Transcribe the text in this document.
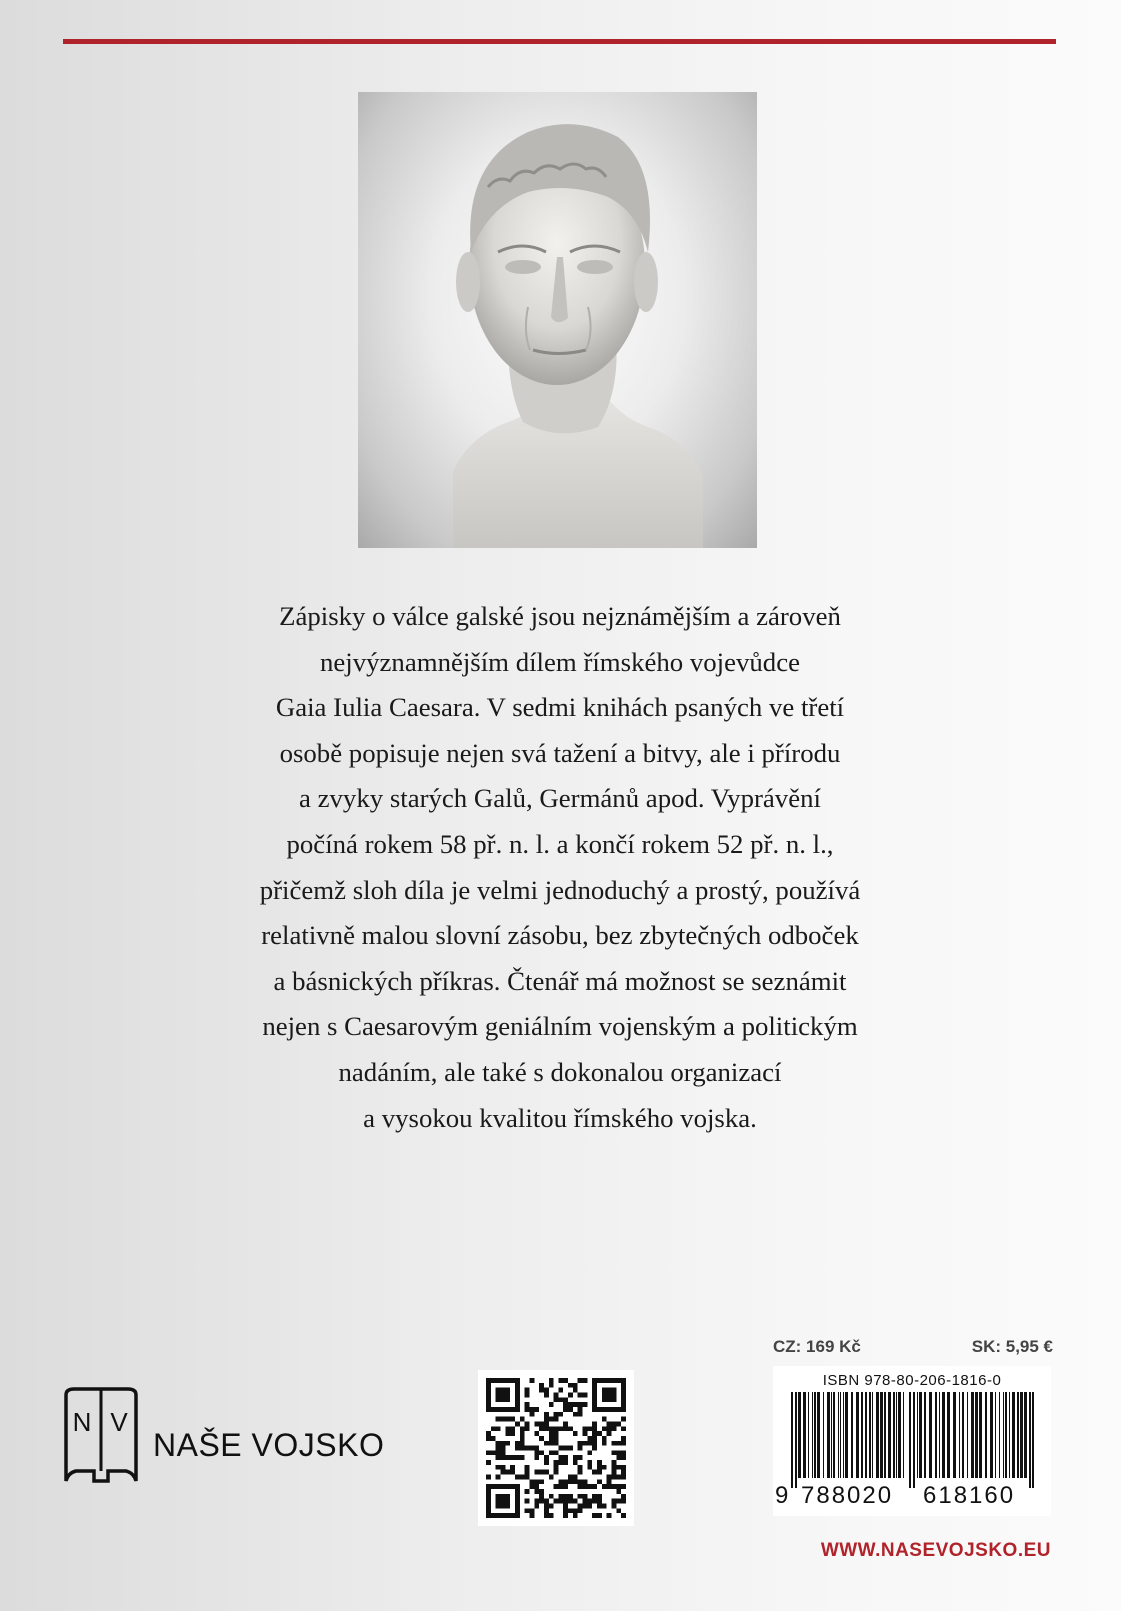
Zápisky o válce galské jsou nejznámějším a zároveň

nejvýznamnějším dílem římského vojevůdce

Gaia Iulia Caesara. V sedmi knihách psaných ve třetí

osobě popisuje nejen svá tažení a bitvy, ale i přírodu

a zvyky starých Galů, Germánů apod. Vyprávění

počíná rokem 58 př. n. l. a končí rokem 52 př. n. l.,

přičemž sloh díla je velmi jednoduchý a prostý, používá

relativně malou slovní zásobu, bez zbytečných odboček

a básnických příkras. Čtenář má možnost se seznámit

nejen s Caesarovým geniálním vojenským a politickým

nadáním, ale také s dokonalou organizací

a vysokou kvalitou římského vojska.

N V
NAŠE VOJSKO
CZ: 169 Kč	SK: 5,95 €
ISBN 978-80-206-1816-0
9 788020 618160
WWW.NASEVOJSKO.EU
